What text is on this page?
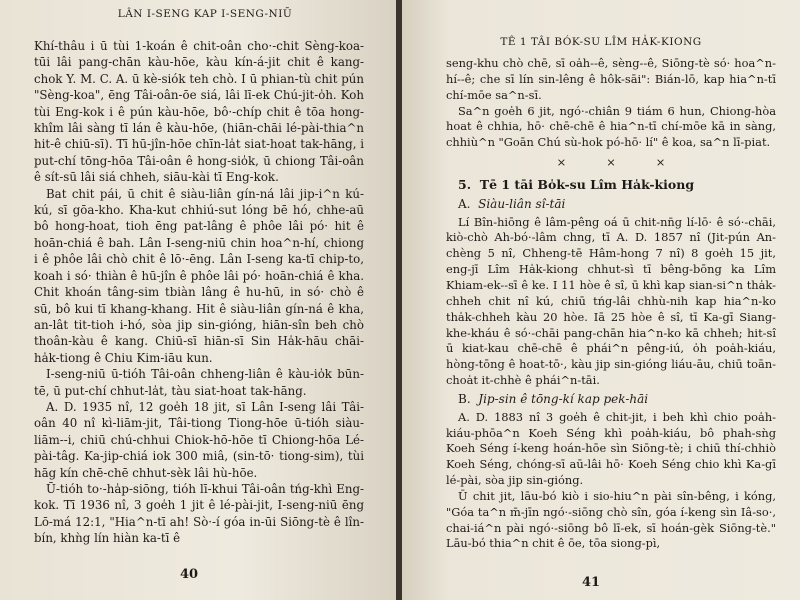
LÂN I-SENG KAP I-SENG-NIŪ

Khí-thâu i ū tùi 1-koán ê chit-oân cho·-chit Sèng-koa-tūi lâi pang-chān kàu-hōe, kàu kín-á-jit chit ê kang-chok Y. M. C. A. ū kè-siók teh chò. I ū phian-tù chit pún "Sèng-koa", ēng Tâi-oân-ōe siá, lâi lī-ek Chú-jit-o̍h. Koh tùi Eng-kok i ê pún kàu-hōe, bô·-chíp chit ê tōa hong-khîm lâi sàng tī lán ê kàu-hōe, (hiān-chāi lé-pài-thia^n hit-ê chiū-sī). Tī hū-jîn-hōe chīn-la̍t siat-hoat tak-hāng, i put-chí tōng-hōa Tâi-oân ê hong-sio̍k, ū chiong Tâi-oân ê sít-sū lâi siá chheh, siāu-kài tī Eng-kok.

Bat chit pái, ū chit ê siàu-liân gín-ná lâi jip-i^n kú-kú, sī gōa-kho. Kha-kut chhiú-sut lóng bē hó, chhe-aū bô hong-hoat, tioh ēng pat-lâng ê phôe lâi pó· hit ê hoān-chiá ê bah. Lân I-seng-niū chin hoa^n-hí, chiong i ê phôe lâi chò chit ê lō·-ēng. Lân I-seng ka-tī chip-to, koah i só· thiàn ê hū-jîn ê phôe lâi pó· hoān-chiá ê kha. Chit khoán tâng-sim tbiàn lâng ê hu-hū, in só· chò ê sū, bô kui tī khang-khang. Hit ê siàu-liân gín-ná ê kha, an-lât tit-tioh i-hó, sòa jip sin-gióng, hiān-sîn beh chò thoân-kàu ê kang. Chiū-sī hiān-sī Sin Ha̍k-hāu chāi-ha̍k-tiong ê Chiu Kim-iāu kun.

I-seng-niū ū-tióh Tâi-oân chheng-liân ê kàu-io̍k būn-tē, ū put-chí chhut-la̍t, tàu siat-hoat tak-hāng.

A. D. 1935 nî, 12 goe̍h 18 jit, sī Lân I-seng lâi Tâi-oân 40 nî kì-liām-jit, Tâi-tiong Tiong-hōe ū-tióh siàu-liām--i, chiū chú-chhui Chiok-hō-hōe tī Chiong-hōa Lé-pài-tâg. Ka-jip-chiá iok 300 miâ, (sin-tō· tiong-sim), tùi hāg kín chē-chē chhut-sèk lâi hù-hōe.

Ū-tióh to·-ha̍p-siōng, tióh lī-khui Tâi-oân tńg-khì Eng-kok. Tī 1936 nî, 3 goe̍h 1 jit ê lé-pài-jit, I-seng-niū ēng Lō-má 12:1, "Hia^n-tī ah! Sò·-í góa in-ūi Siōng-tè ê lîn-bín, khǹg lín hiàn ka-tī ê

40
TÊ 1 TÂI BÓK-SU LÎM HA̍K-KIONG

seng-khu chò chē, sī oa̍h--ê, sèng--ê, Siōng-tè só· hoa^n-hí--ê; che sī lín sin-lêng ê hôk-sāi": Bián-lō, kap hia^n-tī chí-mōe sa^n-sī.

Sa^n goe̍h 6 jit, ngó·-chiân 9 tiám 6 hun, Chiong-hòa hoat ê chhia, hō· chē-chē ê hia^n-tī chí-mōe kā in sàng, chhiù^n "Goān Chú sù-hok pó-hō· lí" ê koa, sa^n lī-piat.

×××

5. Tē 1 tāi Bo̍k-su Lîm Ha̍k-kiong

A. Siàu-liân sî-tāi

Lí Bîn-hiōng ê lâm-pêng oá ū chit-nn̄g lí-lō· ê só·-chāi, kiò-chò Ah-bó·-lâm chng, tī A. D. 1857 nî (Jit-pún An-chèng 5 nî, Chheng-tē Hâm-hong 7 nî) 8 goe̍h 15 jit, eng-jī Lîm Ha̍k-kiong chhut-sì tī bêng-bōng ka Lîm Khiam-ek--sī ê ke. I 11 hòe ê sî, ū khì kap sian-si^n tha̍k-chheh chit nî kú, chiū tńg-lâi chhù-nih kap hia^n-ko tha̍k-chheh kàu 20 hòe. Iā 25 hòe ê sî, tī Ka-gī Siang-khe-kháu ê só·-chāi pang-chān hia^n-ko kā chheh; hit-sî ū kiat-kau chē-chē ê phái^n pêng-iú, o̍h poa̍h-kiáu, hòng-tōng ê hoat-tō·, kàu jip sin-gióng liáu-āu, chiū toān-choa̍t it-chhè ê phái^n-tāi.

B. Jip-sin ê tōng-kí kap pek-hāi

A. D. 1883 nî 3 goe̍h ê chit-jit, i beh khì chio poa̍h-kiáu-phōa^n Koeh Séng khì poa̍h-kiáu, bô phah-sǹg Koeh Séng í-keng hoán-hōe sìn Siōng-tè; i chiū thí-chhiò Koeh Séng, chóng-sī aū-lâi hō· Koeh Séng chio khì Ka-gī lé-pài, sòa jip sin-gióng.

Ū chit jit, lāu-bó kiò i sio-hiu^n pài sîn-bêng, i kóng, "Góa ta^n m̄-jīn ngó·-siōng chò sîn, góa í-keng sìn Iâ-so·, chai-iá^n pài ngó·-siōng bô lī-ek, sī hoán-gèk Siōng-tè." Lāu-bó thia^n chit ê ōe, tōa siong-pì,

41
